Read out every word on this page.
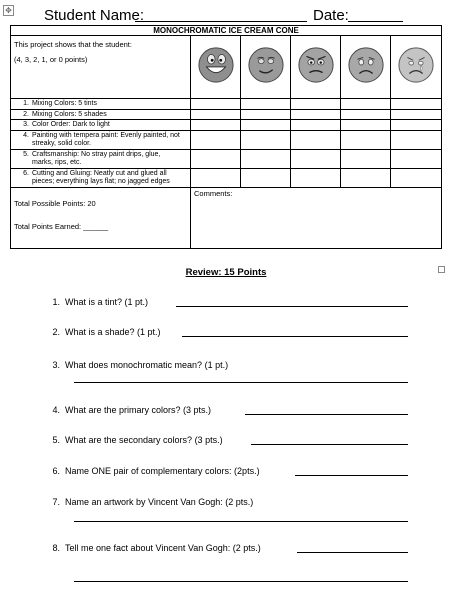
✥ Student Name:	Date:
MONOCHROMATIC ICE CREAM CONE					

This project shows that the student:
(4, 3, 2, 1, or 0 points)

1. Mixing Colors: 5 tints					
2. Mixing Colors: 5 shades					
3. Color Order: Dark to light					
4. Painting with tempera paint: Evenly painted, not streaky, solid color.					
5. Craftsmanship: No stray paint drips, glue, marks, rips, etc.					
6. Cutting and Gluing: Neatly cut and glued all pieces; everything lays flat; no jagged edges					

Total Possible Points: 20
Total Points Earned: ______	Comments:				
Review: 15 Points
1. What is a tint? (1 pt.)
2. What is a shade? (1 pt.)
3. What does monochromatic mean? (1 pt.)
4. What are the primary colors? (3 pts.)
5. What are the secondary colors? (3 pts.)
6. Name ONE pair of complementary colors: (2pts.)
7. Name an artwork by Vincent Van Gogh: (2 pts.)
8. Tell me one fact about Vincent Van Gogh: (2 pts.)
